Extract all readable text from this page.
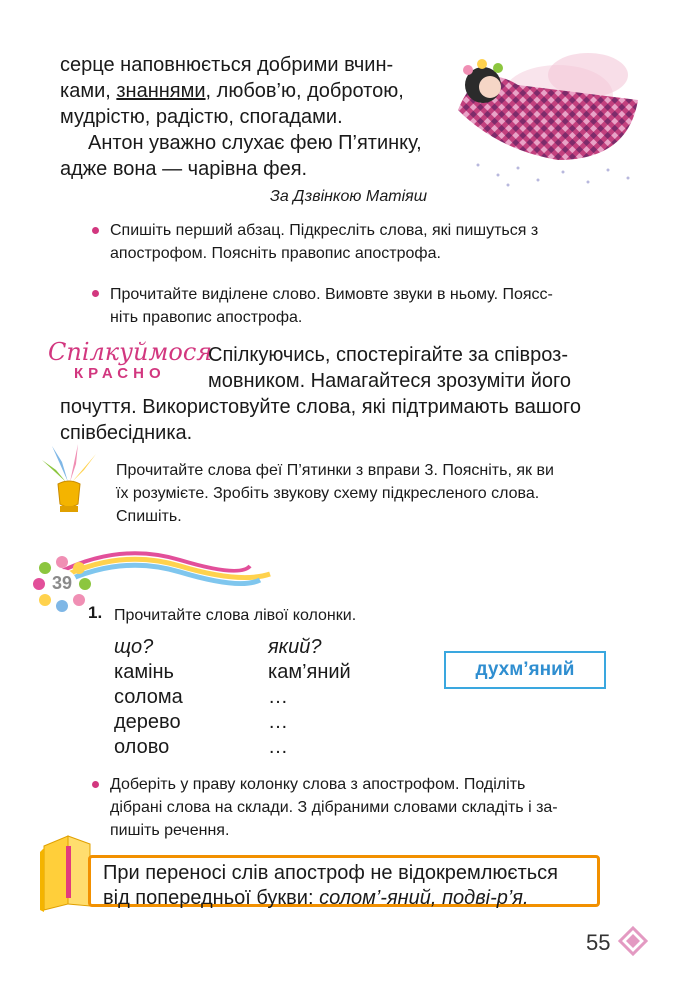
серце наповнюється добрими вчин-

ками, знаннями, любов’ю, добротою,

мудрістю, радістю, спогадами.

Антон уважно слухає фею П’ятинку,

адже вона — чарівна фея.

За Дзвінкою Матіяш
Спишіть перший абзац. Підкресліть слова, які пишуться з
апострофом. Поясніть правопис апострофа.
Прочитайте виділене слово. Вимовте звуки в ньому. Поясс-
ніть правопис апострофа.
Спілкуймося
КРАСНО
Спілкуючись, спостерігайте за співроз-
мовником. Намагайтеся зрозуміти його
почуття. Використовуйте слова, які підтримають вашого
співбесідника.
Прочитайте слова феї П’ятинки з вправи 3. Поясніть, як ви
їх розумієте. Зробіть звукову схему підкресленого слова.
Спишіть.
39
1. Прочитайте слова лівої колонки.
що?	який?
камінь	кам’яний
солома	…
дерево	…
олово	…
духм’яний
Доберіть у праву колонку слова з апострофом. Поділіть
дібрані слова на склади. З дібраними словами складіть і за-
пишіть речення.
При переносі слів апостроф не відокремлюється
від попередньої букви: солом’-яний, подві-р’я.
55
